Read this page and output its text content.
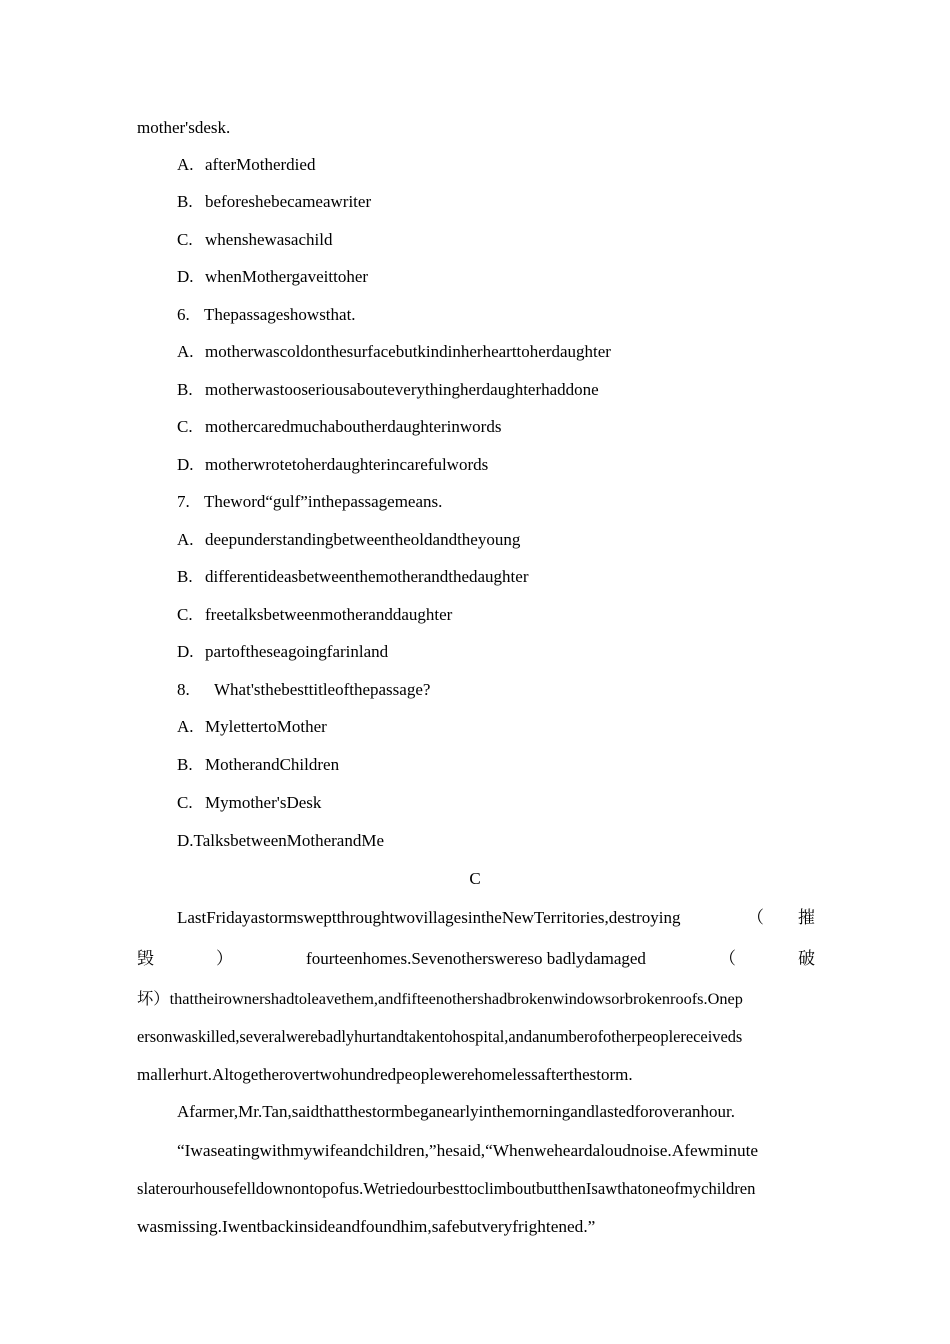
mother'sdesk.
A. afterMotherdied
B. beforeshebecameawriter
C. whenshewasachild
D. whenMothergaveittoher
6. Thepassageshowsthat.
A. motherwascoldonthesurfacebutkindinherhearttoherdaughter
B. motherwastooseriousabouteverythingherdaughterhaddone
C. mothercaredmuchaboutherdaughterinwords
D. motherwrotetoherdaughterincarefulwords
7. Theword“gulf”inthepassagemeans.
A. deepunderstandingbetweentheoldandtheyoung
B. differentideasbetweenthemotherandthedaughter
C. freetalksbetweenmotheranddaughter
D. partoftheseagoingfarinland
8. What'sthebesttitleofthepassage?
A. MylettertoMother
B. MotherandChildren
C. Mymother'sDesk
D.TalksbetweenMotherandMe
C
LastFridayastormsweptthroughtwovillagesintheNewTerritories,destroying	（ 摧
毁	）	fourteenhomes.Sevenotherswereso badlydamaged	（	破
坏）thattheirownershadtoleavethem,andfifteenothershadbrokenwindowsorbrokenroofs.Onep
ersonwaskilled,severalwerebadlyhurtandtakentohospital,andanumberofotherpeoplereceiveds
mallerhurt.Altogetherovertwohundredpeoplewerehomelessafterthestorm.
Afarmer,Mr.Tan,saidthatthestormbeganearlyinthemorningandlastedforoveranhour.
“Iwaseatingwithmywifeandchildren,”hesaid,“Whenweheardaloudnoise.Afewminute
slaterourhousefelldownontopofus.WetriedourbesttoclimboutbutthenIsawthatoneofmychildren
wasmissing.Iwentbackinsideandfoundhim,safebutveryfrightened.”
